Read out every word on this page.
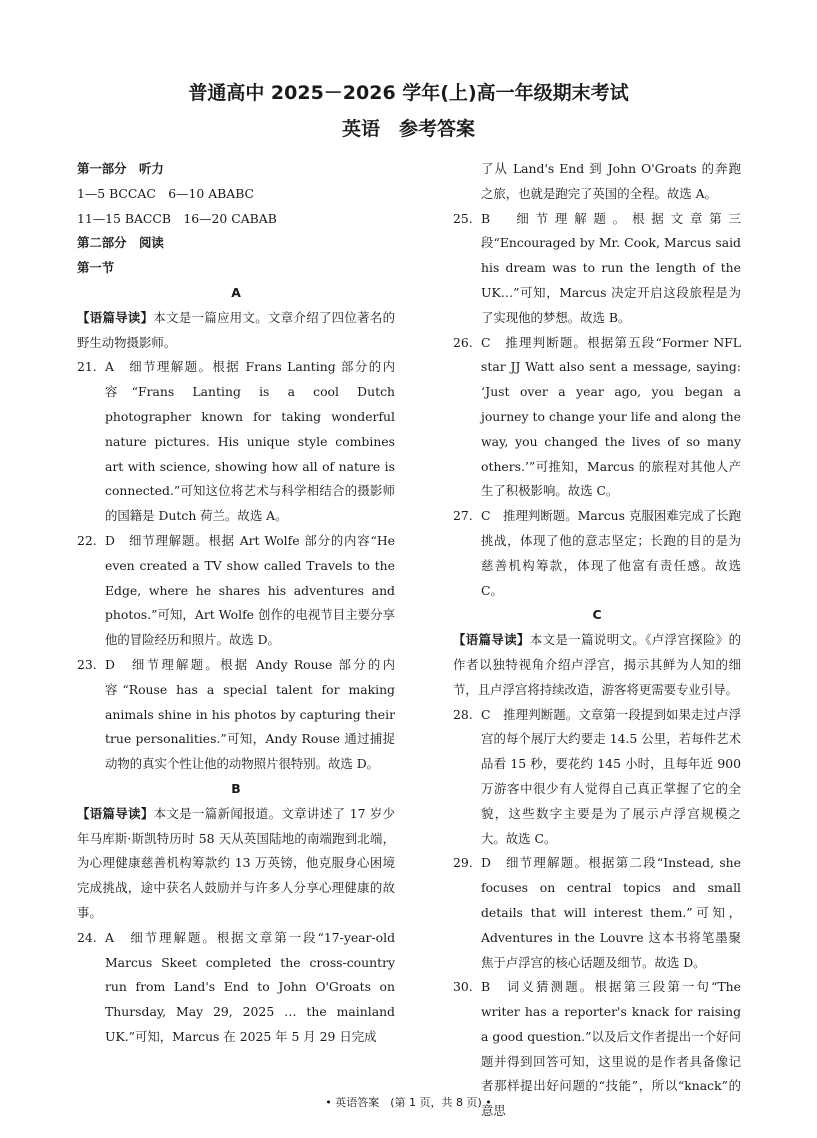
普通高中 2025－2026 学年(上)高一年级期末考试
英语　参考答案
第一部分　听力
1—5 BCCAC　6—10 ABABC
11—15 BACCB　16—20 CABAB
第二部分　阅读
第一节
A
【语篇导读】本文是一篇应用文。文章介绍了四位著名的野生动物摄影师。
21. A　细节理解题。根据 Frans Lanting 部分的内容“Frans Lanting is a cool Dutch photographer known for taking wonderful nature pictures. His unique style combines art with science, showing how all of nature is connected.”可知这位将艺术与科学相结合的摄影师的国籍是 Dutch 荷兰。故选 A。
22. D　细节理解题。根据 Art Wolfe 部分的内容“He even created a TV show called Travels to the Edge, where he shares his adventures and photos.”可知，Art Wolfe 创作的电视节目主要分享他的冒险经历和照片。故选 D。
23. D　细节理解题。根据 Andy Rouse 部分的内容“Rouse has a special talent for making animals shine in his photos by capturing their true personalities.”可知，Andy Rouse 通过捕捉动物的真实个性让他的动物照片很特别。故选 D。
B
【语篇导读】本文是一篇新闻报道。文章讲述了 17 岁少年马库斯·斯凯特历时 58 天从英国陆地的南端跑到北端，为心理健康慈善机构筹款约 13 万英镑，他克服身心困境完成挑战，途中获名人鼓励并与许多人分享心理健康的故事。
24. A　细节理解题。根据文章第一段“17-year-old Marcus Skeet completed the cross-country run from Land's End to John O'Groats on Thursday, May 29, 2025 … the mainland UK.”可知，Marcus 在 2025 年 5 月 29 日完成
了从 Land's End 到 John O'Groats 的奔跑之旅，也就是跑完了英国的全程。故选 A。
25. B　细节理解题。根据文章第三段“Encouraged by Mr. Cook, Marcus said his dream was to run the length of the UK…”可知，Marcus 决定开启这段旅程是为了实现他的梦想。故选 B。
26. C　推理判断题。根据第五段“Former NFL star JJ Watt also sent a message, saying: ‘Just over a year ago, you began a journey to change your life and along the way, you changed the lives of so many others.’”可推知，Marcus 的旅程对其他人产生了积极影响。故选 C。
27. C　推理判断题。Marcus 克服困难完成了长跑挑战，体现了他的意志坚定；长跑的目的是为慈善机构筹款，体现了他富有责任感。故选 C。
C
【语篇导读】本文是一篇说明文。《卢浮宫探险》的作者以独特视角介绍卢浮宫，揭示其鲜为人知的细节，且卢浮宫将持续改造，游客将更需要专业引导。
28. C　推理判断题。文章第一段提到如果走过卢浮宫的每个展厅大约要走 14.5 公里，若每件艺术品看 15 秒，要花约 145 小时，且每年近 900 万游客中很少有人觉得自己真正掌握了它的全貌，这些数字主要是为了展示卢浮宫规模之大。故选 C。
29. D　细节理解题。根据第二段“Instead, she focuses on central topics and small details that will interest them.”可知，Adventures in the Louvre 这本书将笔墨聚焦于卢浮宫的核心话题及细节。故选 D。
30. B　词义猜测题。根据第三段第一句“The writer has a reporter's knack for raising a good question.”以及后文作者提出一个好问题并得到回答可知，这里说的是作者具备像记者那样提出好问题的“技能”，所以“knack”的意思
• 英语答案　(第 1 页，共 8 页) •
